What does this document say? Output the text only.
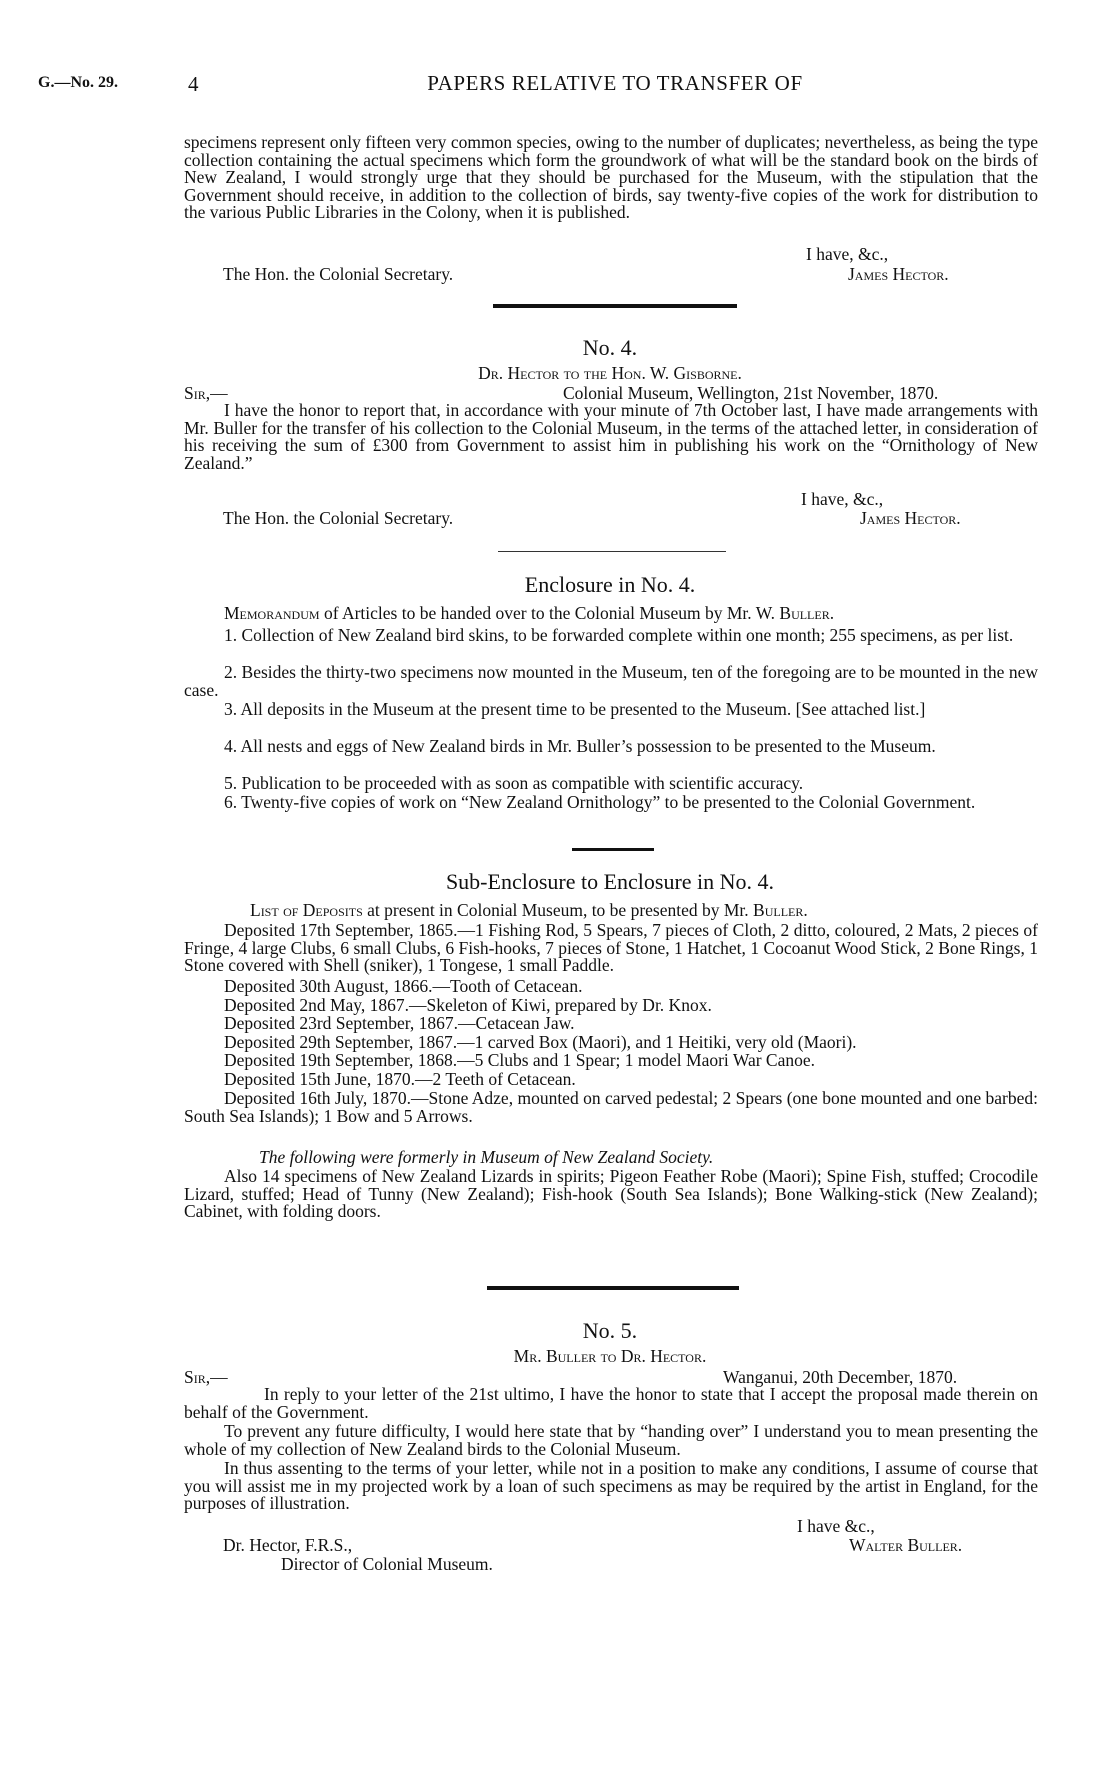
G.—No. 29.	4	PAPERS RELATIVE TO TRANSFER OF
specimens represent only fifteen very common species, owing to the number of duplicates; nevertheless, as being the type collection containing the actual specimens which form the groundwork of what will be the standard book on the birds of New Zealand, I would strongly urge that they should be purchased for the Museum, with the stipulation that the Government should receive, in addition to the collection of birds, say twenty-five copies of the work for distribution to the various Public Libraries in the Colony, when it is published.
I have, &c.,
The Hon. the Colonial Secretary.	James Hector.
No. 4.
Dr. Hector to the Hon. W. Gisborne.
Sir,—	Colonial Museum, Wellington, 21st November, 1870.
I have the honor to report that, in accordance with your minute of 7th October last, I have made arrangements with Mr. Buller for the transfer of his collection to the Colonial Museum, in the terms of the attached letter, in consideration of his receiving the sum of £300 from Government to assist him in publishing his work on the “Ornithology of New Zealand.”
I have, &c.,
The Hon. the Colonial Secretary.	James Hector.
Enclosure in No. 4.
Memorandum of Articles to be handed over to the Colonial Museum by Mr. W. Buller.
1. Collection of New Zealand bird skins, to be forwarded complete within one month; 255 specimens, as per list.
2. Besides the thirty-two specimens now mounted in the Museum, ten of the foregoing are to be mounted in the new case.
3. All deposits in the Museum at the present time to be presented to the Museum. [See attached list.]
4. All nests and eggs of New Zealand birds in Mr. Buller’s possession to be presented to the Museum.
5. Publication to be proceeded with as soon as compatible with scientific accuracy.
6. Twenty-five copies of work on “New Zealand Ornithology” to be presented to the Colonial Government.
Sub-Enclosure to Enclosure in No. 4.
List of Deposits at present in Colonial Museum, to be presented by Mr. Buller.
Deposited 17th September, 1865.—1 Fishing Rod, 5 Spears, 7 pieces of Cloth, 2 ditto, coloured, 2 Mats, 2 pieces of Fringe, 4 large Clubs, 6 small Clubs, 6 Fish-hooks, 7 pieces of Stone, 1 Hatchet, 1 Cocoanut Wood Stick, 2 Bone Rings, 1 Stone covered with Shell (sniker), 1 Tongese, 1 small Paddle.
Deposited 30th August, 1866.—Tooth of Cetacean.
Deposited 2nd May, 1867.—Skeleton of Kiwi, prepared by Dr. Knox.
Deposited 23rd September, 1867.—Cetacean Jaw.
Deposited 29th September, 1867.—1 carved Box (Maori), and 1 Heitiki, very old (Maori).
Deposited 19th September, 1868.—5 Clubs and 1 Spear; 1 model Maori War Canoe.
Deposited 15th June, 1870.—2 Teeth of Cetacean.
Deposited 16th July, 1870.—Stone Adze, mounted on carved pedestal; 2 Spears (one bone mounted and one barbed: South Sea Islands); 1 Bow and 5 Arrows.
The following were formerly in Museum of New Zealand Society.
Also 14 specimens of New Zealand Lizards in spirits; Pigeon Feather Robe (Maori); Spine Fish, stuffed; Crocodile Lizard, stuffed; Head of Tunny (New Zealand); Fish-hook (South Sea Islands); Bone Walking-stick (New Zealand); Cabinet, with folding doors.
No. 5.
Mr. Buller to Dr. Hector.
Sir,—	Wanganui, 20th December, 1870.
In reply to your letter of the 21st ultimo, I have the honor to state that I accept the proposal made therein on behalf of the Government.
To prevent any future difficulty, I would here state that by “handing over” I understand you to mean presenting the whole of my collection of New Zealand birds to the Colonial Museum.
In thus assenting to the terms of your letter, while not in a position to make any conditions, I assume of course that you will assist me in my projected work by a loan of such specimens as may be required by the artist in England, for the purposes of illustration.
I have &c.,
Dr. Hector, F.R.S.,
Director of Colonial Museum.
Walter Buller.
